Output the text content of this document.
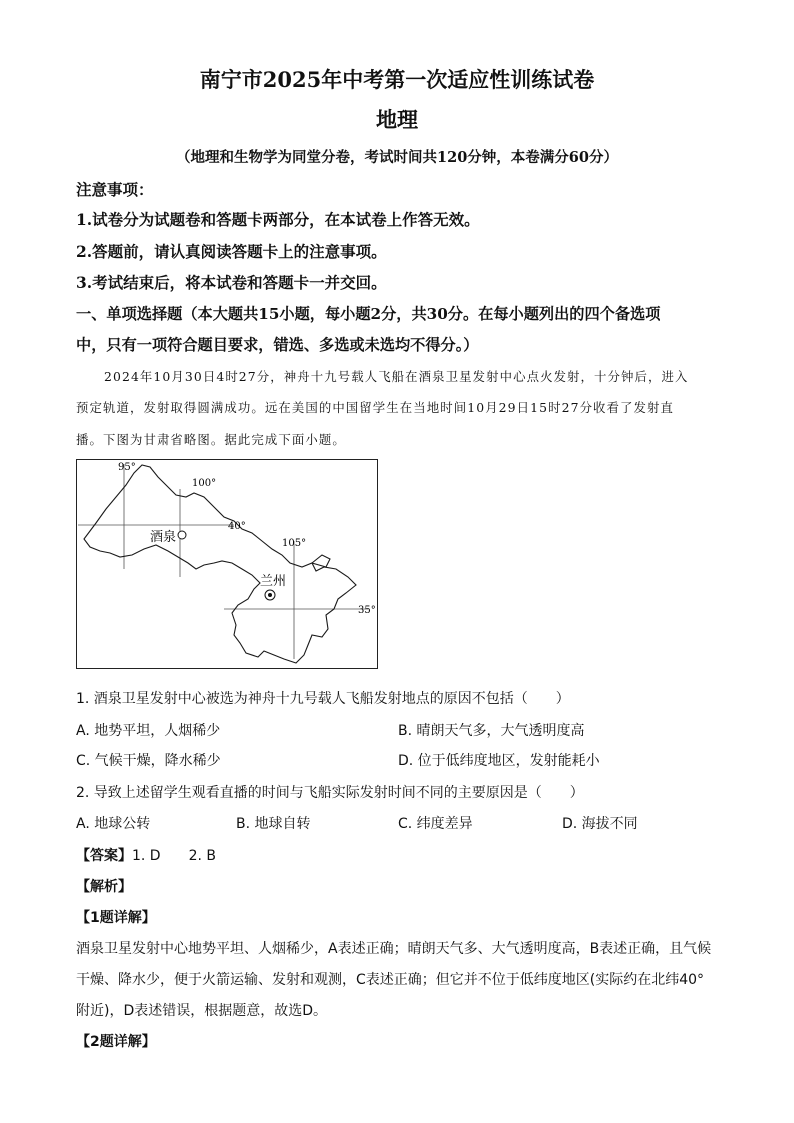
南宁市2025年中考第一次适应性训练试卷
地理
（地理和生物学为同堂分卷，考试时间共120分钟，本卷满分60分）
注意事项：
1.试卷分为试题卷和答题卡两部分，在本试卷上作答无效。
2.答题前，请认真阅读答题卡上的注意事项。
3.考试结束后，将本试卷和答题卡一并交回。
一、单项选择题（本大题共15小题，每小题2分，共30分。在每小题列出的四个备选项
中，只有一项符合题目要求，错选、多选或未选均不得分。）
2024年10月30日4时27分，神舟十九号载人飞船在酒泉卫星发射中心点火发射，十分钟后，进入
预定轨道，发射取得圆满成功。远在美国的中国留学生在当地时间10月29日15时27分收看了发射直
播。下图为甘肃省略图。据此完成下面小题。
95°
100°
105°
40°
35°
酒泉
兰州
1. 酒泉卫星发射中心被选为神舟十九号载人飞船发射地点的原因不包括（　　）
A. 地势平坦，人烟稀少	B. 晴朗天气多，大气透明度高
C. 气候干燥，降水稀少	D. 位于低纬度地区，发射能耗小
2. 导致上述留学生观看直播的时间与飞船实际发射时间不同的主要原因是（　　）
A. 地球公转	B. 地球自转	C. 纬度差异	D. 海拔不同
【答案】1. D　　2. B
【解析】
【1题详解】
酒泉卫星发射中心地势平坦、人烟稀少，A表述正确；晴朗天气多、大气透明度高，B表述正确，且气候
干燥、降水少，便于火箭运输、发射和观测，C表述正确；但它并不位于低纬度地区(实际约在北纬40°
附近)，D表述错误，根据题意，故选D。
【2题详解】
